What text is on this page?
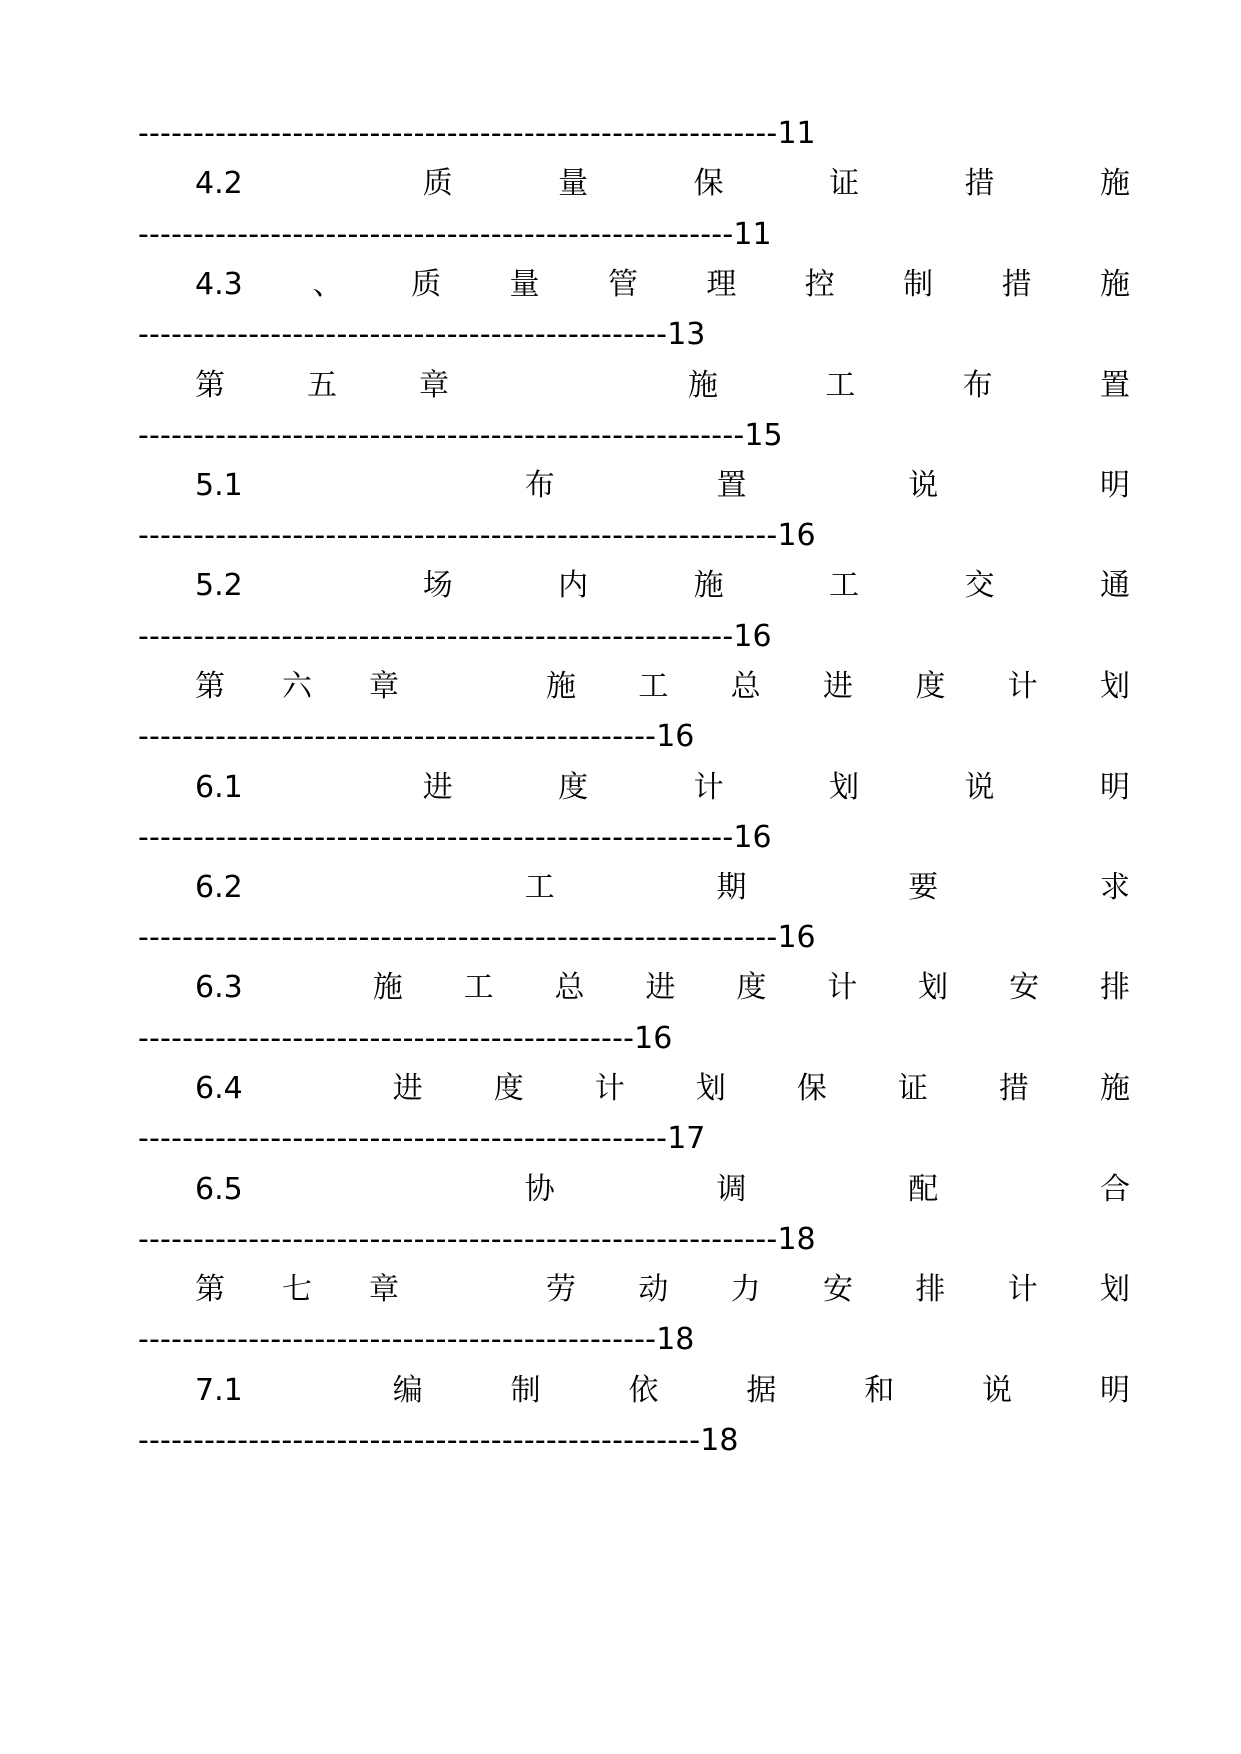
----------------------------------------------------------11
4.2	质	量	保	证	措	施
------------------------------------------------------11
4.3 、 质 量 管 理 控 制 措 施
------------------------------------------------13
第	五	章	施	工	布	置
-------------------------------------------------------15
5.1	布	置	说	明
----------------------------------------------------------16
5.2	场	内	施	工	交	通
------------------------------------------------------16
第 六 章	施 工 总 进 度 计 划
-----------------------------------------------16
6.1	进	度	计	划	说	明
------------------------------------------------------16
6.2	工	期	要	求
----------------------------------------------------------16
6.3	施 工 总 进 度 计 划 安 排
---------------------------------------------16
6.4	进 度 计 划 保 证 措 施
------------------------------------------------17
6.5	协	调	配	合
----------------------------------------------------------18
第 七 章	劳 动 力 安 排 计 划
-----------------------------------------------18
7.1	编	制	依	据	和	说	明
---------------------------------------------------18
